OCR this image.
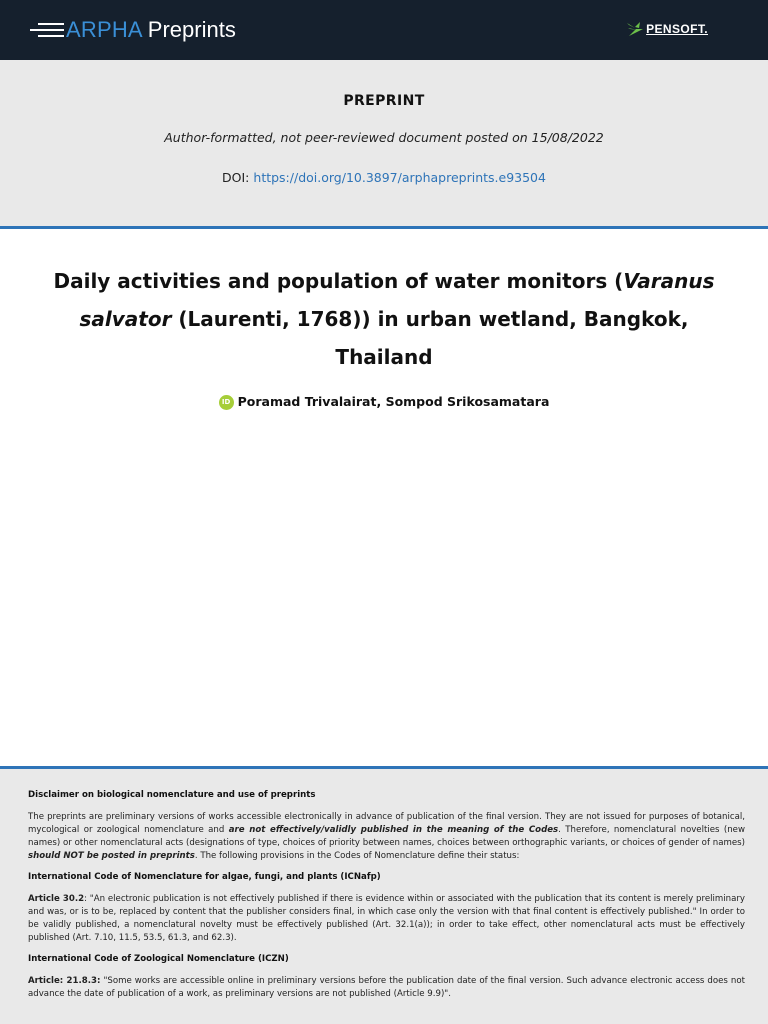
ARPHA Preprints	PENSOFT.
PREPRINT
Author-formatted, not peer-reviewed document posted on 15/08/2022
DOI: https://doi.org/10.3897/arphapreprints.e93504
Daily activities and population of water monitors (Varanus salvator (Laurenti, 1768)) in urban wetland, Bangkok, Thailand
ID Poramad Trivalairat, Sompod Srikosamatara

Disclaimer on biological nomenclature and use of preprints

The preprints are preliminary versions of works accessible electronically in advance of publication of the final version. They are not issued for purposes of botanical, mycological or zoological nomenclature and are not effectively/validly published in the meaning of the Codes. Therefore, nomenclatural novelties (new names) or other nomenclatural acts (designations of type, choices of priority between names, choices between orthographic variants, or choices of gender of names) should NOT be posted in preprints. The following provisions in the Codes of Nomenclature define their status:

International Code of Nomenclature for algae, fungi, and plants (ICNafp)

Article 30.2: "An electronic publication is not effectively published if there is evidence within or associated with the publication that its content is merely preliminary and was, or is to be, replaced by content that the publisher considers final, in which case only the version with that final content is effectively published." In order to be validly published, a nomenclatural novelty must be effectively published (Art. 32.1(a)); in order to take effect, other nomenclatural acts must be effectively published (Art. 7.10, 11.5, 53.5, 61.3, and 62.3).

International Code of Zoological Nomenclature (ICZN)

Article: 21.8.3: "Some works are accessible online in preliminary versions before the publication date of the final version. Such advance electronic access does not advance the date of publication of a work, as preliminary versions are not published (Article 9.9)".
